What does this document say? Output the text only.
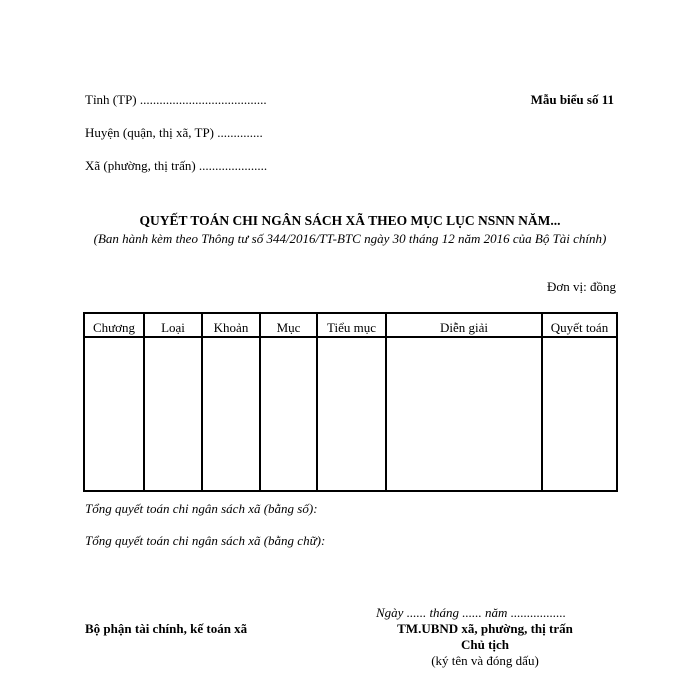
Tỉnh (TP) .......................................
Huyện (quận, thị xã, TP) ..............
Xã (phường, thị trấn) .....................
Mẫu biểu số 11
QUYẾT TOÁN CHI NGÂN SÁCH XÃ THEO MỤC LỤC NSNN NĂM...
(Ban hành kèm theo Thông tư số 344/2016/TT-BTC ngày 30 tháng 12 năm 2016 của Bộ Tài chính)
Đơn vị: đồng
Chương	Loại	Khoản	Mục	Tiểu mục	Diễn giải	Quyết toán

Tổng quyết toán chi ngân sách xã (bằng số):
Tổng quyết toán chi ngân sách xã (bằng chữ):
Bộ phận tài chính, kế toán xã
Ngày ...... tháng ...... năm .................
TM.UBND xã, phường, thị trấn
Chủ tịch
(ký tên và đóng dấu)
